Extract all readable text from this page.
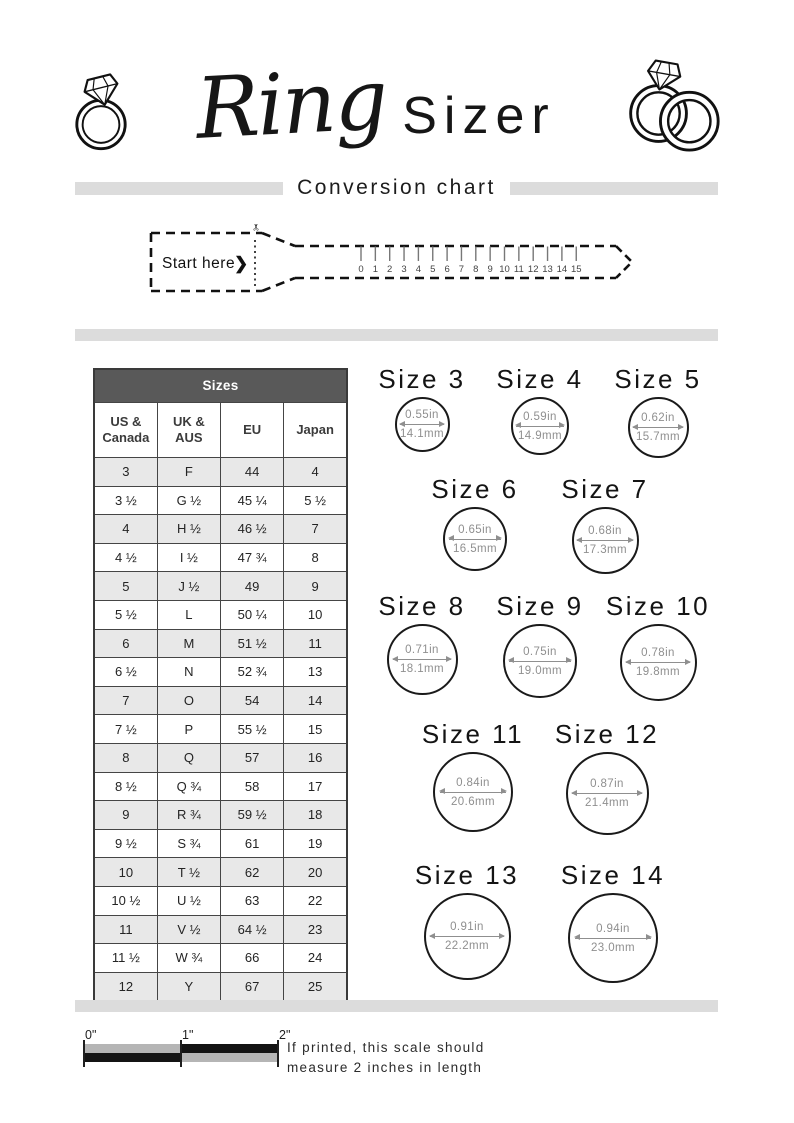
Ring Sizer
Conversion chart
✂
Start here
❯	0 1 2 3 4 5 6 7 8 9 10 11 12 13 14 15
Sizes			
US & Canada	UK & AUS	EU	Japan
3	F	44	4
3 ½	G ½	45 ¼	5 ½
4	H ½	46 ½	7
4 ½	I ½	47 ¾	8
5	J ½	49	9
5 ½	L	50 ¼	10
6	M	51 ½	11
6 ½	N	52 ¾	13
7	O	54	14
7 ½	P	55 ½	15
8	Q	57	16
8 ½	Q ¾	58	17
9	R ¾	59 ½	18
9 ½	S ¾	61	19
10	T ½	62	20
10 ½	U ½	63	22
11	V ½	64 ½	23
11 ½	W ¾	66	24
12	Y	67	25
Size 3
0.55in
14.1mm
Size 4
0.59in
14.9mm
Size 5
0.62in
15.7mm
Size 6
0.65in
16.5mm
Size 7
0.68in
17.3mm
Size 8
0.71in
18.1mm
Size 9
0.75in
19.0mm
Size 10
0.78in
19.8mm
Size 11
0.84in
20.6mm
Size 12
0.87in
21.4mm
Size 13
0.91in
22.2mm
Size 14
0.94in
23.0mm
0"	1"	2"
If printed, this scale should
measure 2 inches in length
